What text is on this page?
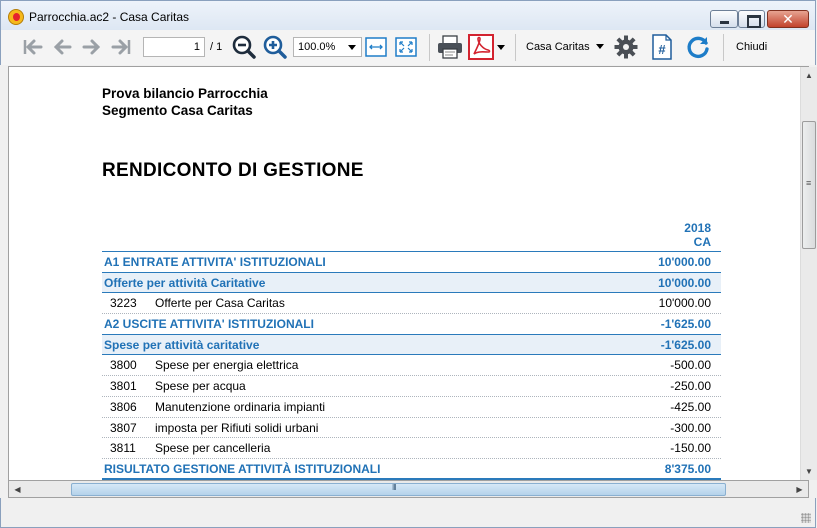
Parrocchia.ac2 - Casa Caritas	✕
1 / 1	100.0%	Casa Caritas	#	Chiudi
Prova bilancio Parrocchia
Segmento Casa Caritas
RENDICONTO DI GESTIONE
2018
CA
A1 ENTRATE ATTIVITA' ISTITUZIONALI	10'000.00
Offerte per attività Caritative	10'000.00
3223 Offerte per Casa Caritas	10'000.00
A2 USCITE ATTIVITA' ISTITUZIONALI	-1'625.00
Spese per attività caritative	-1'625.00
3800 Spese per energia elettrica	-500.00
3801 Spese per acqua	-250.00
3806 Manutenzione ordinaria impianti	-425.00
3807 imposta per Rifiuti solidi urbani	-300.00
3811 Spese per cancelleria	-150.00
RISULTATO GESTIONE ATTIVITÀ ISTITUZIONALI	8'375.00
▲
≡
▼
◀
III	▶
